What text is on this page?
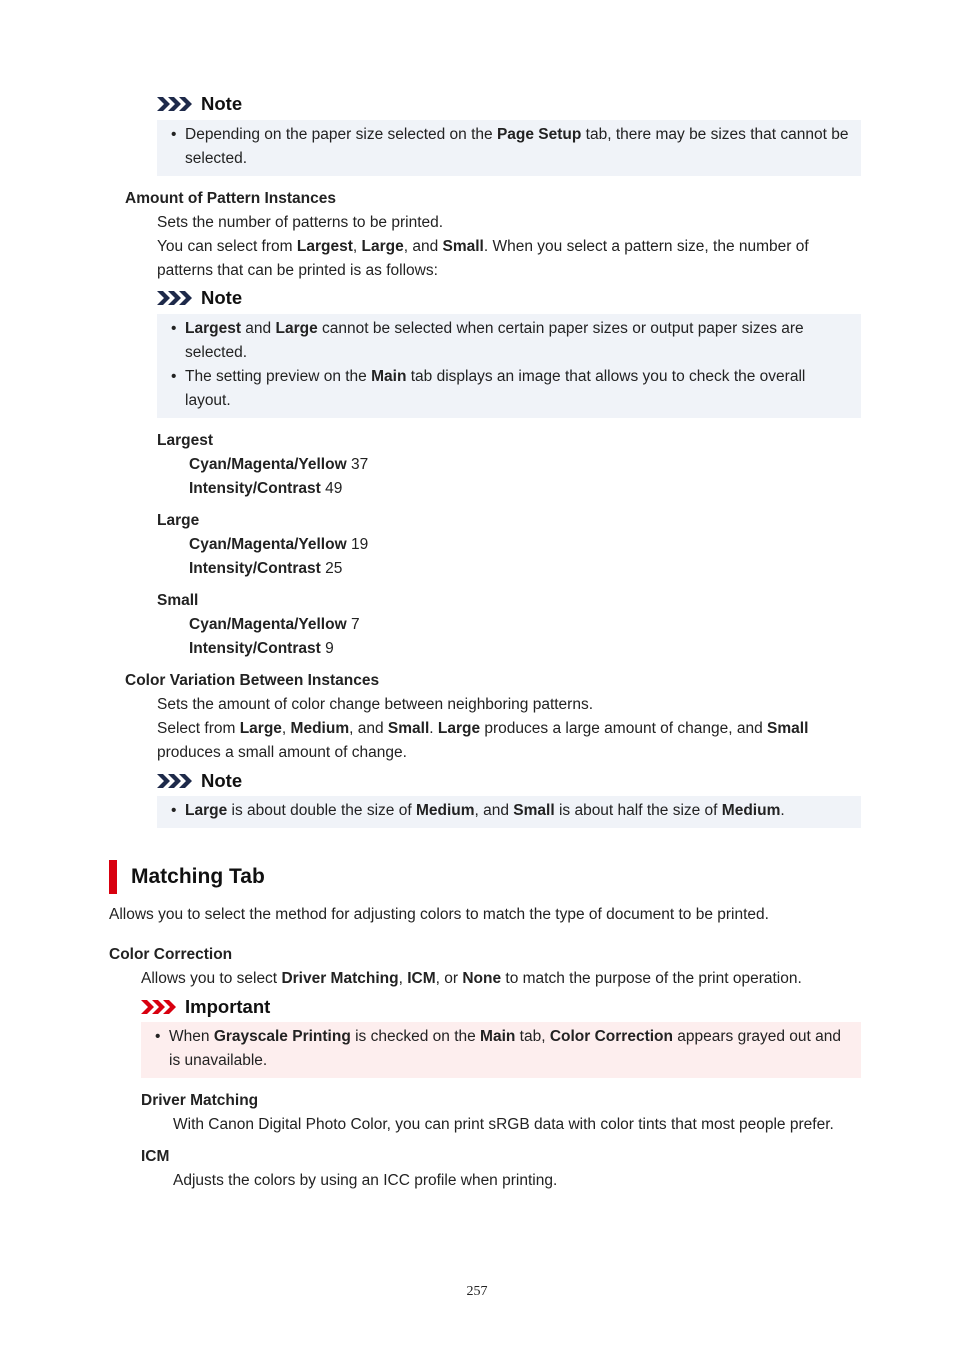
Note
• Depending on the paper size selected on the Page Setup tab, there may be sizes that cannot be selected.
Amount of Pattern Instances
Sets the number of patterns to be printed.
You can select from Largest, Large, and Small. When you select a pattern size, the number of patterns that can be printed is as follows:
Note
• Largest and Large cannot be selected when certain paper sizes or output paper sizes are selected.
• The setting preview on the Main tab displays an image that allows you to check the overall layout.
Largest
Cyan/Magenta/Yellow 37
Intensity/Contrast 49
Large
Cyan/Magenta/Yellow 19
Intensity/Contrast 25
Small
Cyan/Magenta/Yellow 7
Intensity/Contrast 9
Color Variation Between Instances
Sets the amount of color change between neighboring patterns.
Select from Large, Medium, and Small. Large produces a large amount of change, and Small produces a small amount of change.
Note
• Large is about double the size of Medium, and Small is about half the size of Medium.
Matching Tab
Allows you to select the method for adjusting colors to match the type of document to be printed.
Color Correction
Allows you to select Driver Matching, ICM, or None to match the purpose of the print operation.
Important
• When Grayscale Printing is checked on the Main tab, Color Correction appears grayed out and is unavailable.
Driver Matching
With Canon Digital Photo Color, you can print sRGB data with color tints that most people prefer.
ICM
Adjusts the colors by using an ICC profile when printing.
257
